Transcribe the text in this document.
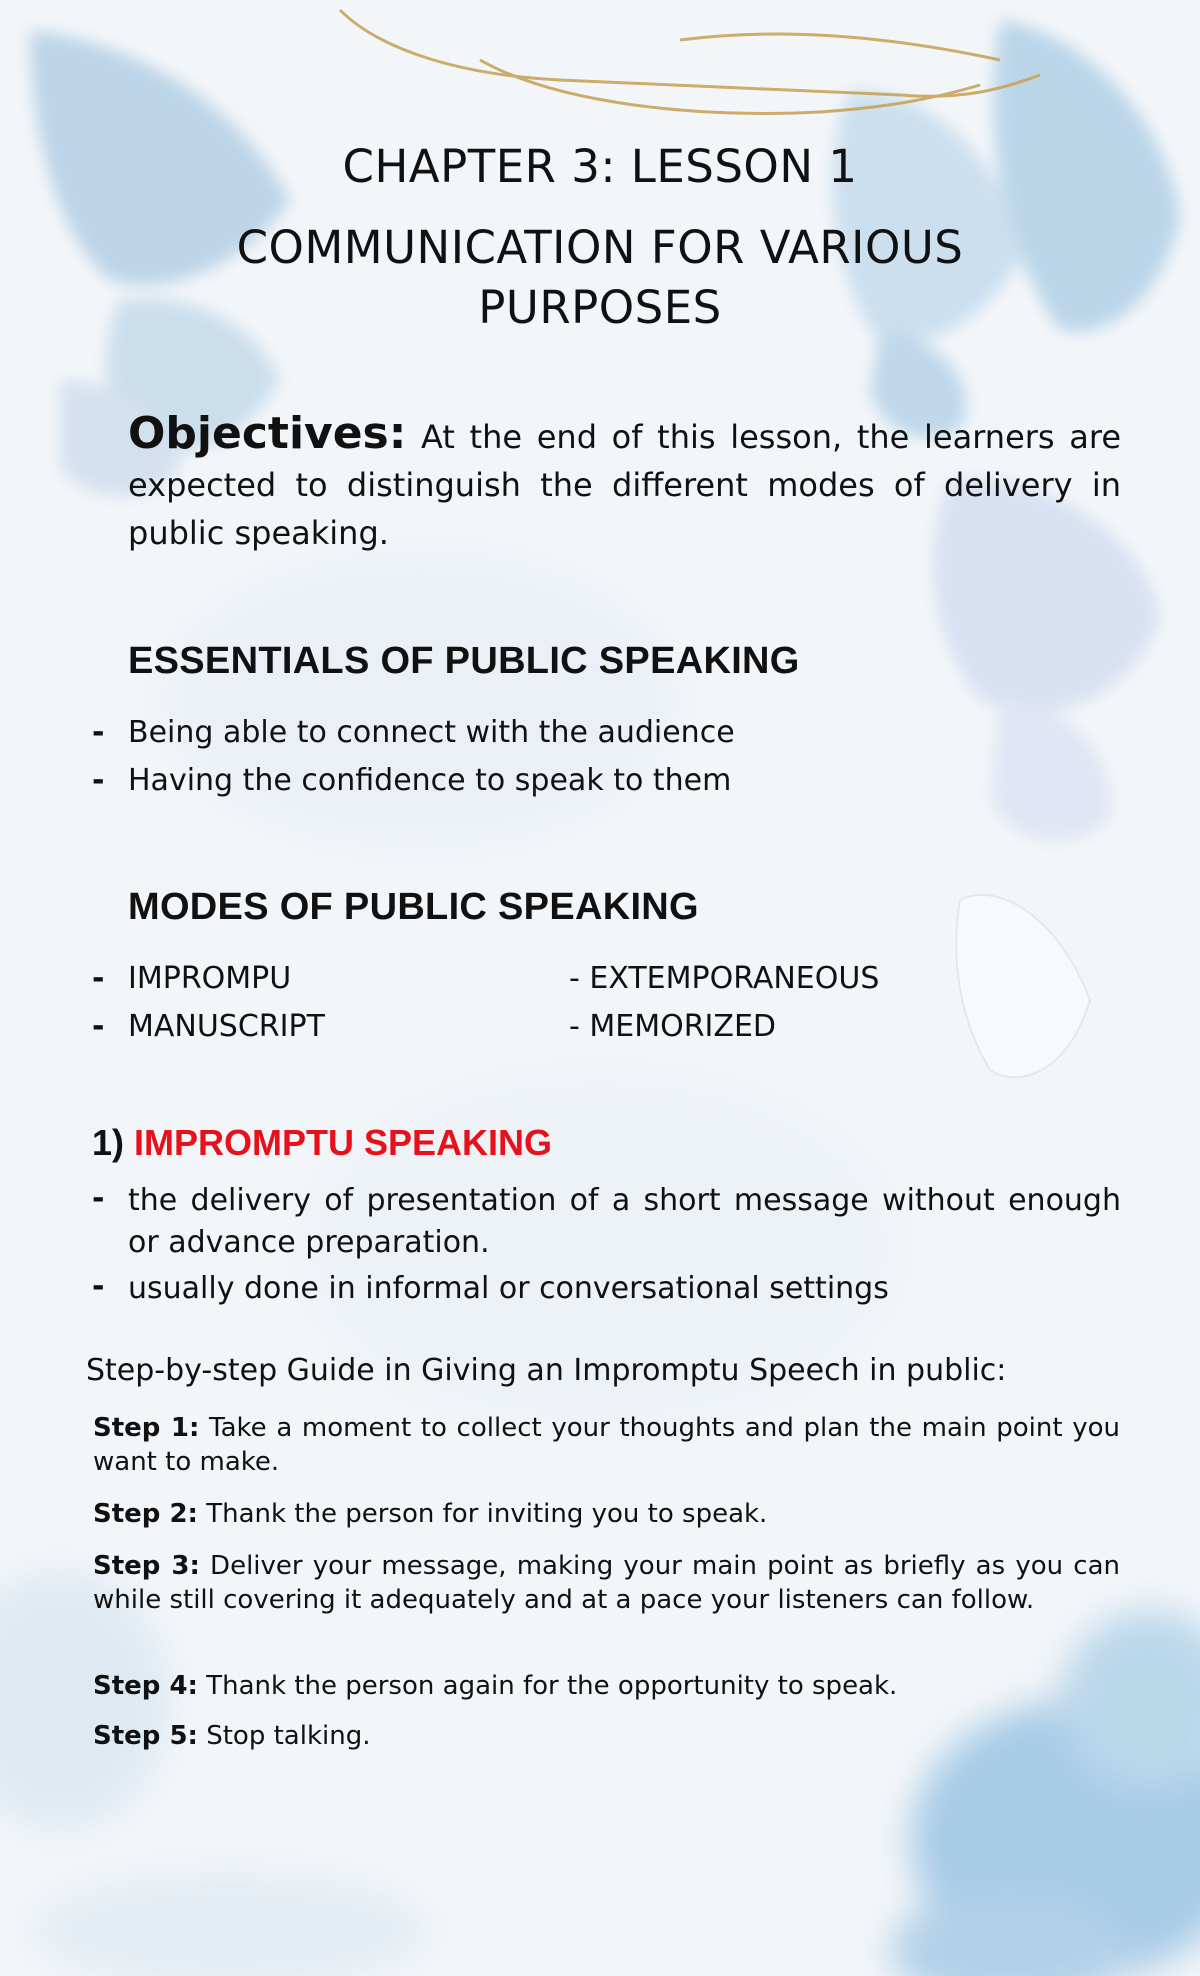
CHAPTER 3: LESSON 1
COMMUNICATION FOR VARIOUS PURPOSES

Objectives: At the end of this lesson, the learners are expected to distinguish the different modes of delivery in public speaking.

ESSENTIALS OF PUBLIC SPEAKING
- Being able to connect with the audience
- Having the confidence to speak to them
MODES OF PUBLIC SPEAKING
- IMPROMPU	- EXTEMPORANEOUS
- MANUSCRIPT	- MEMORIZED
1) IMPROMPTU SPEAKING
- the delivery of presentation of a short message without enough or advance preparation.
- usually done in informal or conversational settings

Step-by-step Guide in Giving an Impromptu Speech in public:

Step 1: Take a moment to collect your thoughts and plan the main point you want to make.

Step 2: Thank the person for inviting you to speak.

Step 3: Deliver your message, making your main point as briefly as you can while still covering it adequately and at a pace your listeners can follow.

Step 4: Thank the person again for the opportunity to speak.

Step 5: Stop talking.
